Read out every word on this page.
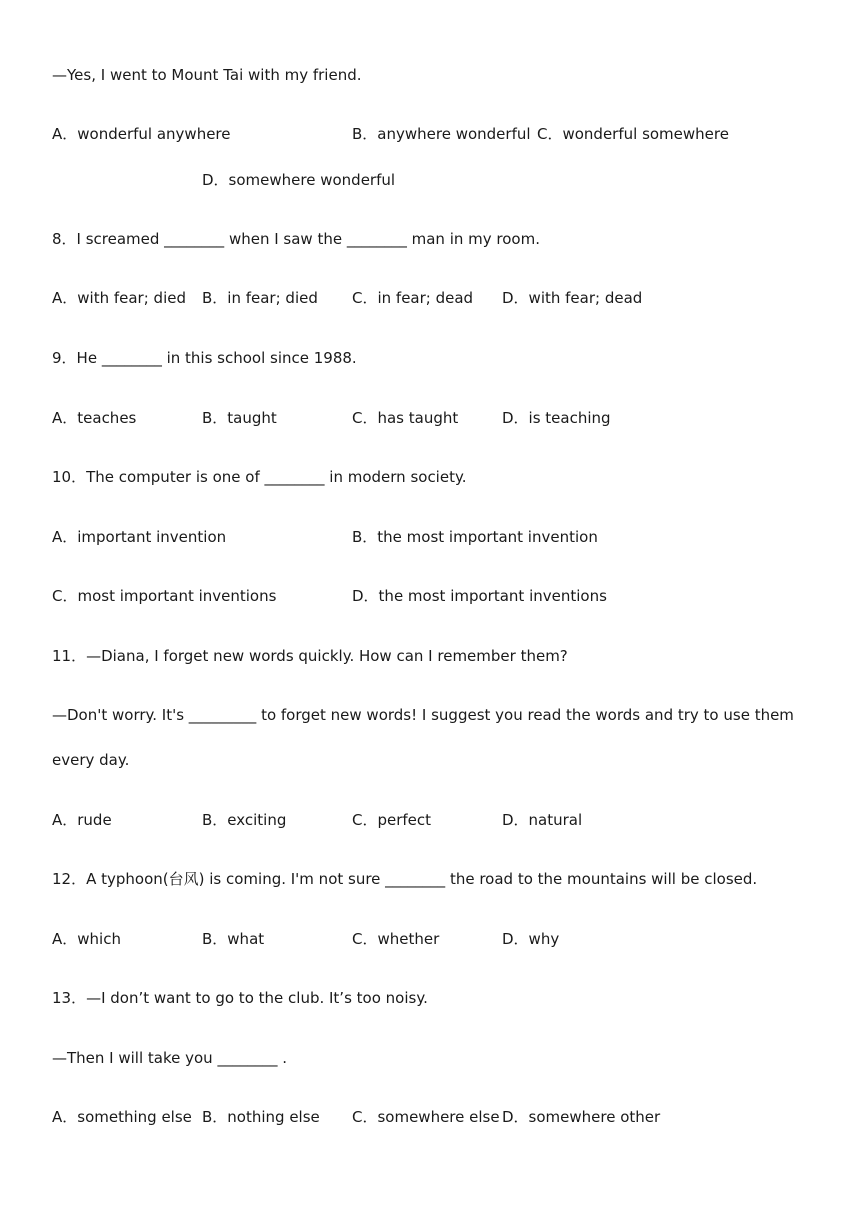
—Yes, I went to Mount Tai with my friend.
A．wonderful anywhere	B．anywhere wonderful C．wonderful somewhere
D．somewhere wonderful
8．I screamed ________ when I saw the ________ man in my room.
A．with fear; died B．in fear; died C．in fear; dead D．with fear; dead
9．He ________ in this school since 1988.
A．teaches	B．taught	C．has taught	D．is teaching
10．The computer is one of ________ in modern society.
A．important invention	B．the most important invention
C．most important inventions	D．the most important inventions
11．—Diana, I forget new words quickly. How can I remember them?
—Don't worry. It's _________ to forget new words! I suggest you read the words and try to use them every day.
A．rude	B．exciting	C．perfect	D．natural
12．A typhoon(台风) is coming. I'm not sure ________ the road to the mountains will be closed.
A．which	B．what	C．whether	D．why
13．—I don’t want to go to the club. It’s too noisy.
—Then I will take you ________ .
A．something else B．nothing else C．somewhere else D．somewhere other
